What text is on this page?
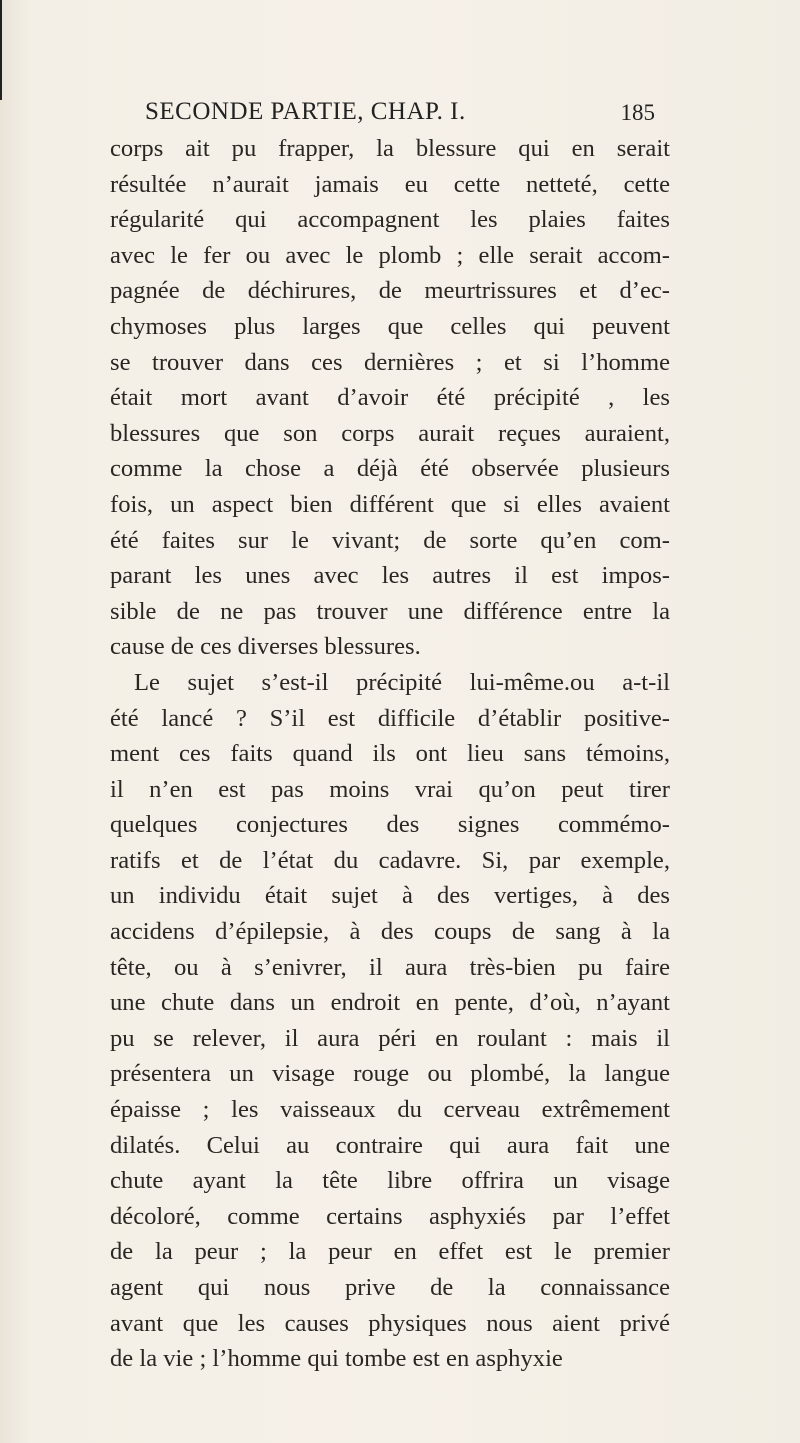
SECONDE PARTIE, CHAP. I.	185
corps ait pu frapper, la blessure qui en serait
résultée n’aurait jamais eu cette netteté, cette
régularité qui accompagnent les plaies faites
avec le fer ou avec le plomb ; elle serait accom-
pagnée de déchirures, de meurtrissures et d’ec-
chymoses plus larges que celles qui peuvent
se trouver dans ces dernières ; et si l’homme
était mort avant d’avoir été précipité , les
blessures que son corps aurait reçues auraient,
comme la chose a déjà été observée plusieurs
fois, un aspect bien différent que si elles avaient
été faites sur le vivant; de sorte qu’en com-
parant les unes avec les autres il est impos-
sible de ne pas trouver une différence entre la
cause de ces diverses blessures.
Le sujet s’est-il précipité lui-même.ou a-t-il
été lancé ? S’il est difficile d’établir positive-
ment ces faits quand ils ont lieu sans témoins,
il n’en est pas moins vrai qu’on peut tirer
quelques conjectures des signes commémo-
ratifs et de l’état du cadavre. Si, par exemple,
un individu était sujet à des vertiges, à des
accidens d’épilepsie, à des coups de sang à la
tête, ou à s’enivrer, il aura très-bien pu faire
une chute dans un endroit en pente, d’où, n’ayant
pu se relever, il aura péri en roulant : mais il
présentera un visage rouge ou plombé, la langue
épaisse ; les vaisseaux du cerveau extrêmement
dilatés. Celui au contraire qui aura fait une
chute ayant la tête libre offrira un visage
décoloré, comme certains asphyxiés par l’effet
de la peur ; la peur en effet est le premier
agent qui nous prive de la connaissance
avant que les causes physiques nous aient privé
de la vie ; l’homme qui tombe est en asphyxie
